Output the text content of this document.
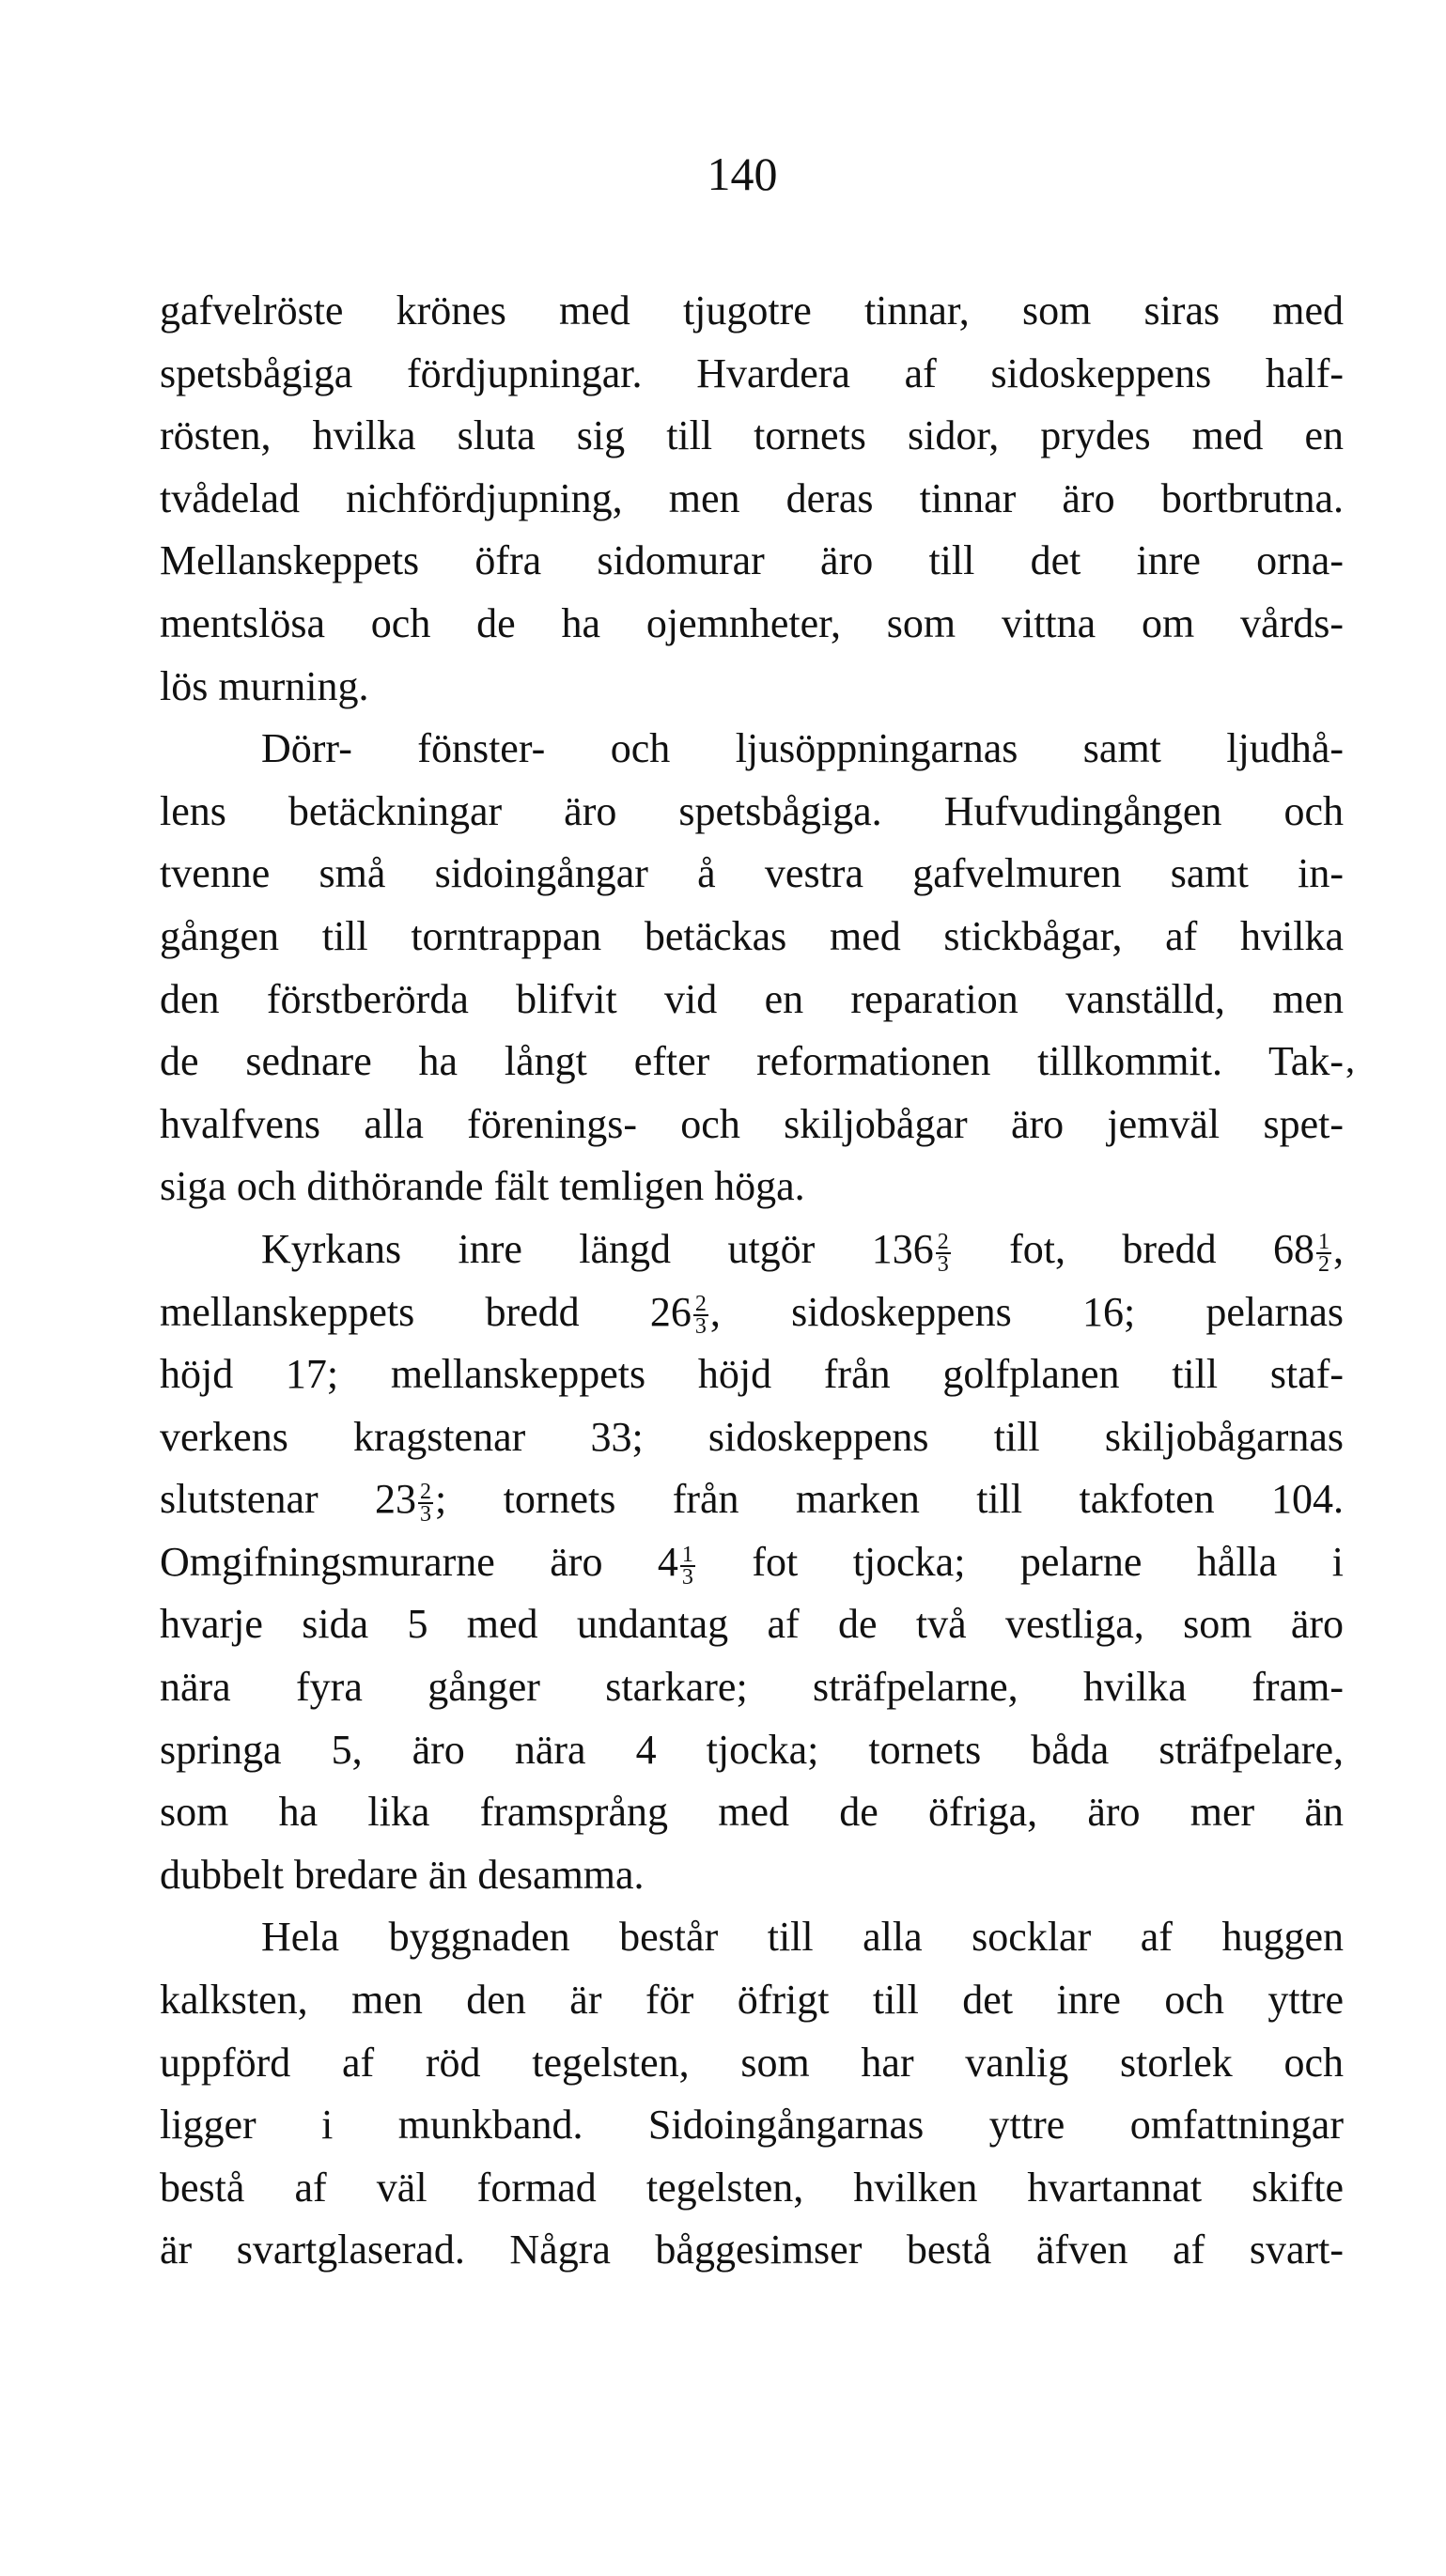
140
,
gafvelröste krönes med tjugotre tinnar, som siras med
spetsbågiga fördjupningar. Hvardera af sidoskeppens half-
rösten, hvilka sluta sig till tornets sidor, prydes med en
tvådelad nichfördjupning, men deras tinnar äro bortbrutna.
Mellanskeppets öfra sidomurar äro till det inre orna-
mentslösa och de ha ojemnheter, som vittna om vårds-
lös murning.
Dörr- fönster- och ljusöppningarnas samt ljudhå-
lens betäckningar äro spetsbågiga. Hufvudingången och
tvenne små sidoingångar å vestra gafvelmuren samt in-
gången till torntrappan betäckas med stickbågar, af hvilka
den förstberörda blifvit vid en reparation vanställd, men
de sednare ha långt efter reformationen tillkommit. Tak-
hvalfvens alla förenings- och skiljobågar äro jemväl spet-
siga och dithörande fält temligen höga.
Kyrkans inre längd utgör $136 \frac{2}{3}$ fot, bredd $68 \frac{1}{2}$ ,
mellanskeppets bredd $26 \frac{2}{3}$ , sidoskeppens 16; pelarnas
höjd 17; mellanskeppets höjd från golfplanen till staf-
verkens kragstenar 33; sidoskeppens till skiljobågarnas
slutstenar $23 \frac{2}{3}$ ; tornets från marken till takfoten 104.
Omgifningsmurarne äro $4 \frac{1}{3}$ fot tjocka; pelarne hålla i
hvarje sida 5 med undantag af de två vestliga, som äro
nära fyra gånger starkare; sträfpelarne, hvilka fram-
springa 5, äro nära 4 tjocka; tornets båda sträfpelare,
som ha lika framsprång med de öfriga, äro mer än
dubbelt bredare än desamma.
Hela byggnaden består till alla socklar af huggen
kalksten, men den är för öfrigt till det inre och yttre
uppförd af röd tegelsten, som har vanlig storlek och
ligger i munkband. Sidoingångarnas yttre omfattningar
bestå af väl formad tegelsten, hvilken hvartannat skifte
är svartglaserad. Några båggesimser bestå äfven af svart-
